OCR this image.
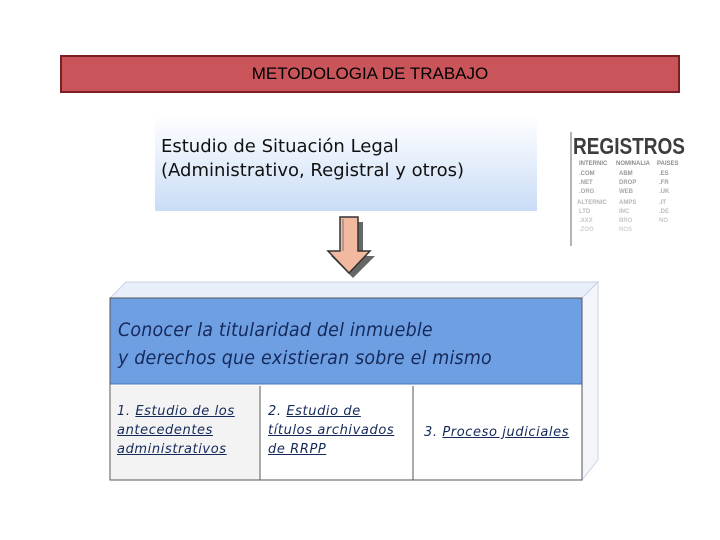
METODOLOGIA DE TRABAJO
Estudio de Situación Legal
(Administrativo, Registral y otros)
REGISTROS
Conocer la titularidad del inmueble
y derechos que existieran sobre el mismo
1. Estudio de los
antecedentes
administrativos
2. Estudio de
títulos archivados
de RRPP
3. Proceso judiciales
